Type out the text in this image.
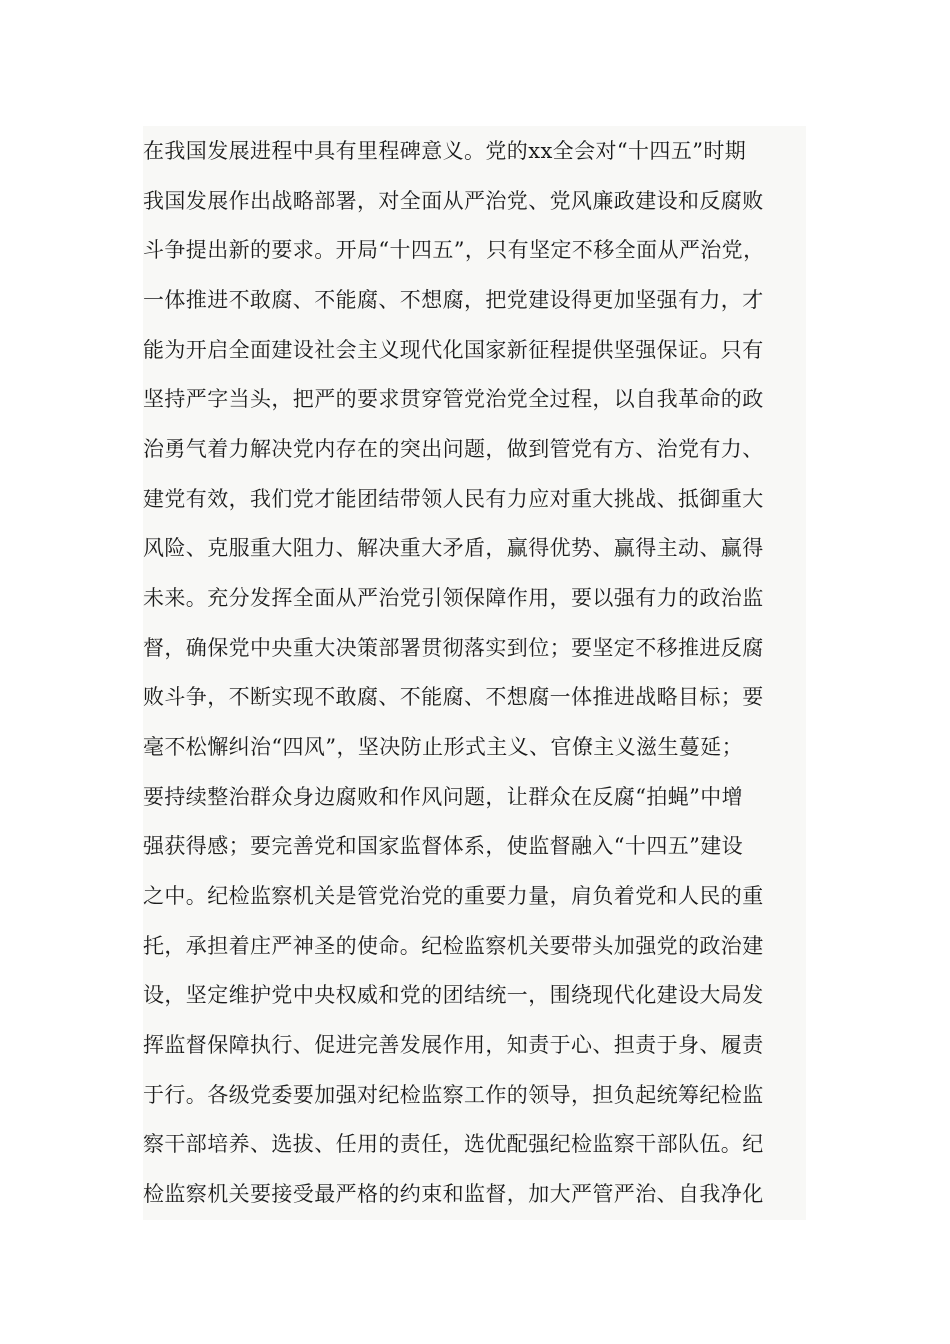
在我国发展进程中具有里程碑意义。党的xx全会对“十四五”时期
我国发展作出战略部署，对全面从严治党、党风廉政建设和反腐败
斗争提出新的要求。开局“十四五”，只有坚定不移全面从严治党，
一体推进不敢腐、不能腐、不想腐，把党建设得更加坚强有力，才
能为开启全面建设社会主义现代化国家新征程提供坚强保证。只有
坚持严字当头，把严的要求贯穿管党治党全过程，以自我革命的政
治勇气着力解决党内存在的突出问题，做到管党有方、治党有力、
建党有效，我们党才能团结带领人民有力应对重大挑战、抵御重大
风险、克服重大阻力、解决重大矛盾，赢得优势、赢得主动、赢得
未来。充分发挥全面从严治党引领保障作用，要以强有力的政治监
督，确保党中央重大决策部署贯彻落实到位；要坚定不移推进反腐
败斗争，不断实现不敢腐、不能腐、不想腐一体推进战略目标；要
毫不松懈纠治“四风”，坚决防止形式主义、官僚主义滋生蔓延；
要持续整治群众身边腐败和作风问题，让群众在反腐“拍蝇”中增
强获得感；要完善党和国家监督体系，使监督融入“十四五”建设
之中。纪检监察机关是管党治党的重要力量，肩负着党和人民的重
托，承担着庄严神圣的使命。纪检监察机关要带头加强党的政治建
设，坚定维护党中央权威和党的团结统一，围绕现代化建设大局发
挥监督保障执行、促进完善发展作用，知责于心、担责于身、履责
于行。各级党委要加强对纪检监察工作的领导，担负起统筹纪检监
察干部培养、选拔、任用的责任，选优配强纪检监察干部队伍。纪
检监察机关要接受最严格的约束和监督，加大严管严治、自我净化
